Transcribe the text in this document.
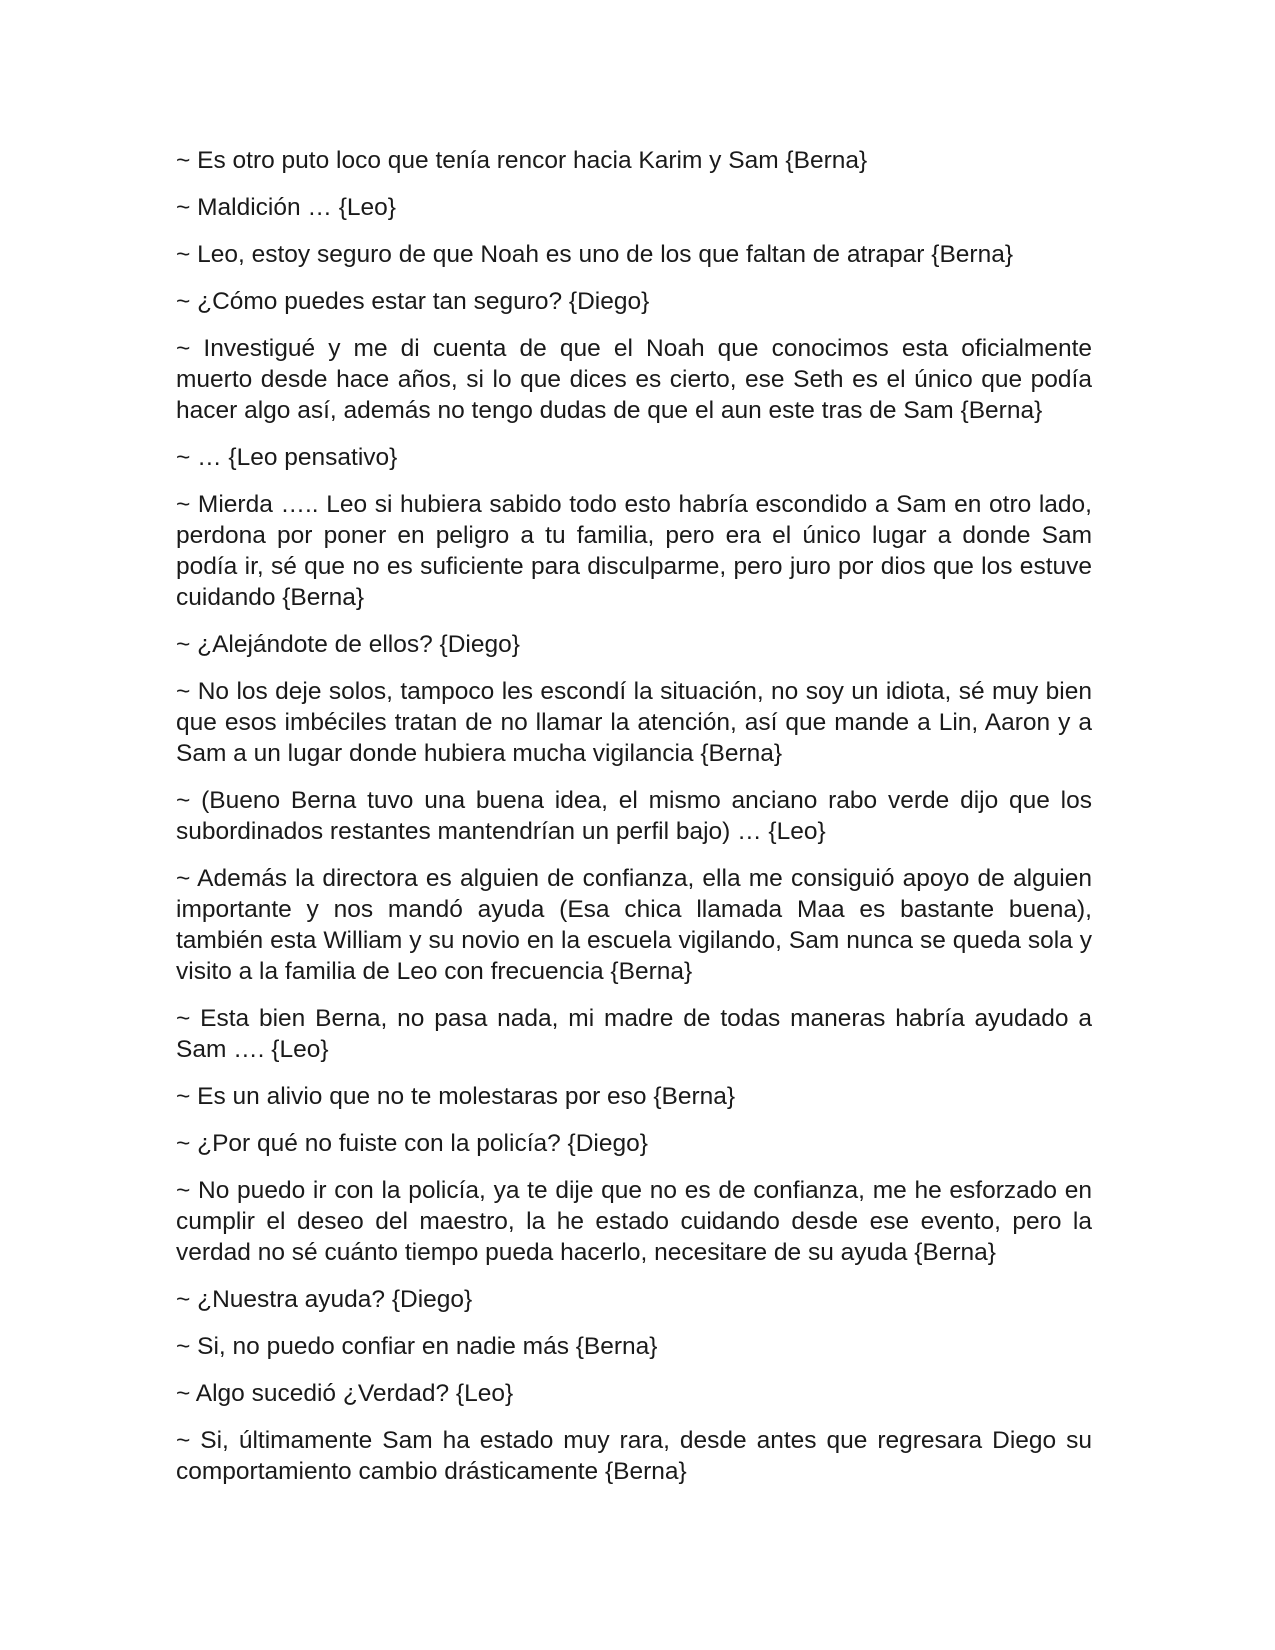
~ Es otro puto loco que tenía rencor hacia Karim y Sam {Berna}

~ Maldición … {Leo}

~ Leo, estoy seguro de que Noah es uno de los que faltan de atrapar {Berna}

~ ¿Cómo puedes estar tan seguro? {Diego}

~ Investigué y me di cuenta de que el Noah que conocimos esta oficialmente muerto desde hace años, si lo que dices es cierto, ese Seth es el único que podía hacer algo así, además no tengo dudas de que el aun este tras de Sam {Berna}

~ … {Leo pensativo}

~ Mierda ….. Leo si hubiera sabido todo esto habría escondido a Sam en otro lado, perdona por poner en peligro a tu familia, pero era el único lugar a donde Sam podía ir, sé que no es suficiente para disculparme, pero juro por dios que los estuve cuidando {Berna}

~ ¿Alejándote de ellos? {Diego}

~ No los deje solos, tampoco les escondí la situación, no soy un idiota, sé muy bien que esos imbéciles tratan de no llamar la atención, así que mande a Lin, Aaron y a Sam a un lugar donde hubiera mucha vigilancia {Berna}

~ (Bueno Berna tuvo una buena idea, el mismo anciano rabo verde dijo que los subordinados restantes mantendrían un perfil bajo) … {Leo}

~ Además la directora es alguien de confianza, ella me consiguió apoyo de alguien importante y nos mandó ayuda (Esa chica llamada Maa es bastante buena), también esta William y su novio en la escuela vigilando, Sam nunca se queda sola y visito a la familia de Leo con frecuencia {Berna}

~ Esta bien Berna, no pasa nada, mi madre de todas maneras habría ayudado a Sam …. {Leo}

~ Es un alivio que no te molestaras por eso {Berna}

~ ¿Por qué no fuiste con la policía? {Diego}

~ No puedo ir con la policía, ya te dije que no es de confianza, me he esforzado en cumplir el deseo del maestro, la he estado cuidando desde ese evento, pero la verdad no sé cuánto tiempo pueda hacerlo, necesitare de su ayuda {Berna}

~ ¿Nuestra ayuda? {Diego}

~ Si, no puedo confiar en nadie más {Berna}

~ Algo sucedió ¿Verdad? {Leo}

~ Si, últimamente Sam ha estado muy rara, desde antes que regresara Diego su comportamiento cambio drásticamente {Berna}
